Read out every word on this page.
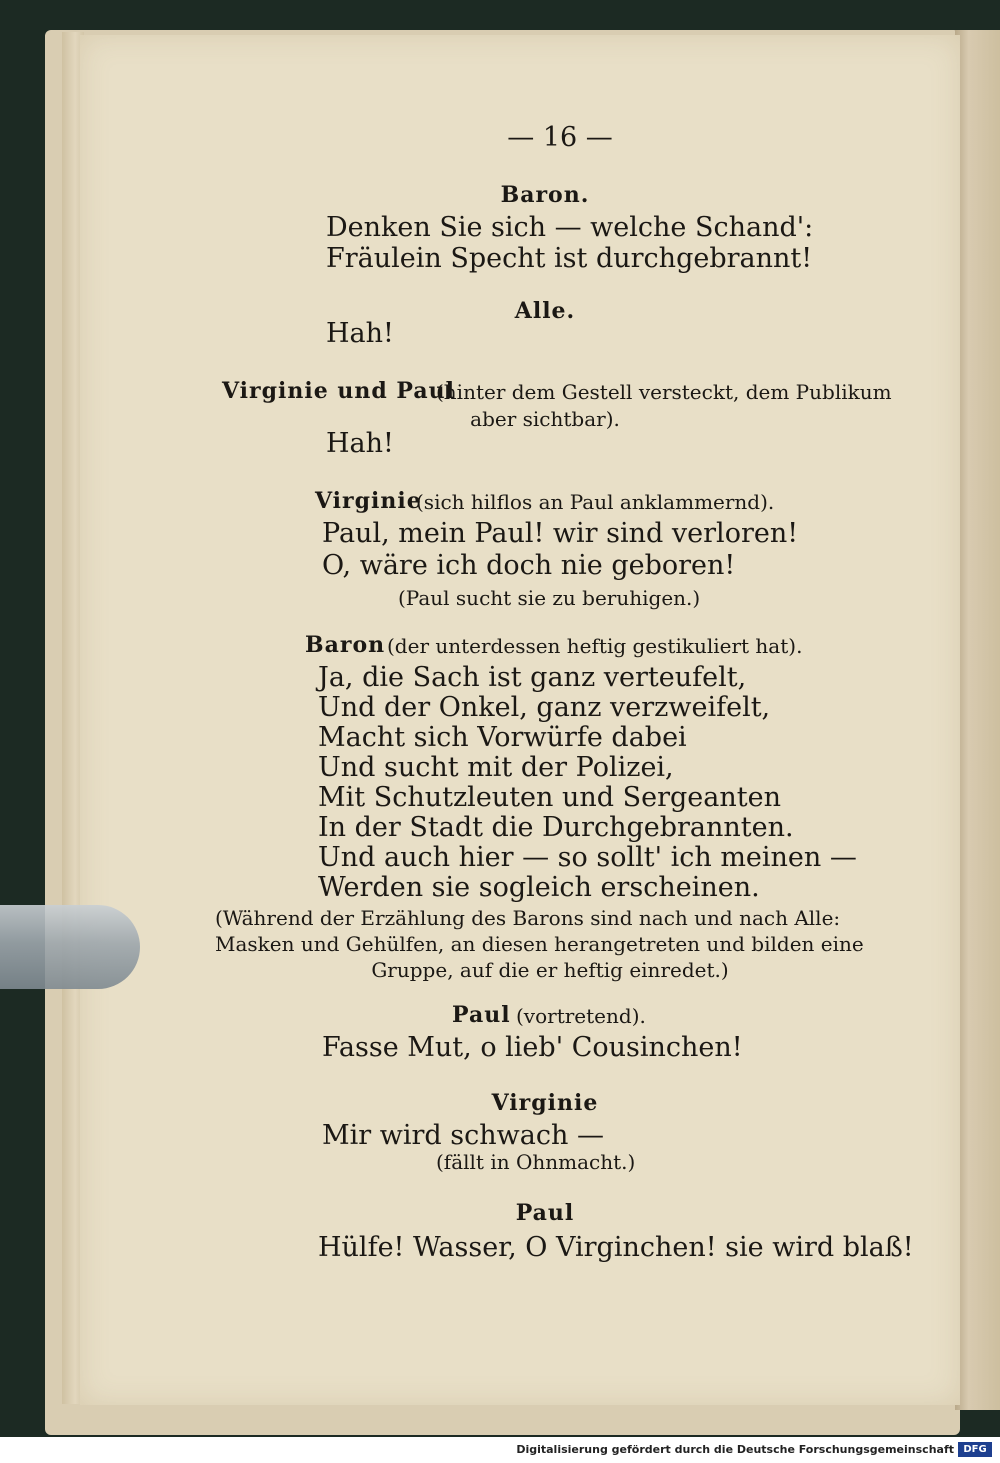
— 16 —
Baron.
Denken Sie sich — welche Schand':
Fräulein Specht ist durchgebrannt!
Alle.
Hah!
Virginie und Paul
(hinter dem Gestell versteckt, dem Publikum
aber sichtbar).
Hah!
Virginie
(sich hilflos an Paul anklammernd).
Paul, mein Paul! wir sind verloren!
O, wäre ich doch nie geboren!
(Paul sucht sie zu beruhigen.)
Baron (der unterdessen heftig gestikuliert hat).
Ja, die Sach ist ganz verteufelt,
Und der Onkel, ganz verzweifelt,
Macht sich Vorwürfe dabei
Und sucht mit der Polizei,
Mit Schutzleuten und Sergeanten
In der Stadt die Durchgebrannten.
Und auch hier — so sollt' ich meinen —
Werden sie sogleich erscheinen.
(Während der Erzählung des Barons sind nach und nach Alle:
Masken und Gehülfen, an diesen herangetreten und bilden eine
Gruppe, auf die er heftig einredet.)
Paul (vortretend).
Fasse Mut, o lieb' Cousinchen!
Virginie
Mir wird schwach —
(fällt in Ohnmacht.)
Paul
Hülfe! Wasser, O Virginchen! sie wird blaß!
Digitalisierung gefördert durch die Deutsche Forschungsgemeinschaft DFG
